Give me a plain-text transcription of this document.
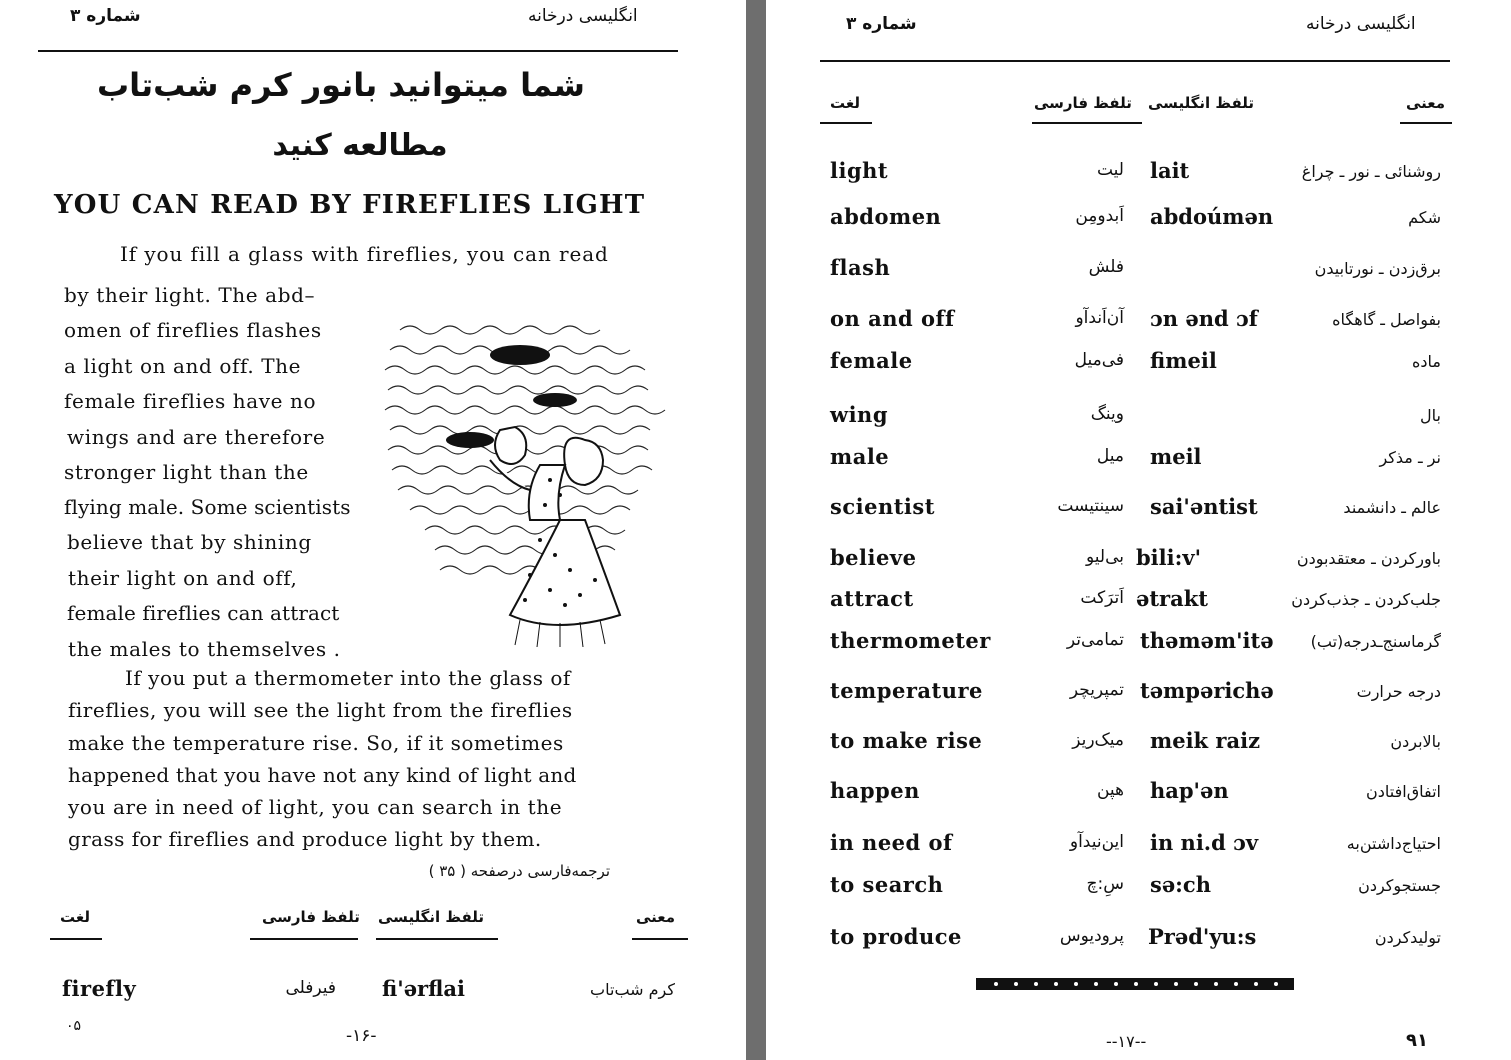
شماره ۳	انگلیسی درخانه
شما میتوانید بانور کرم شب‌تاب
مطالعه کنید
YOU CAN READ BY FIREFLIES LIGHT
If you fill a glass with fireflies, you can read
by their light. The abd–
omen of fireflies flashes
a light on and off. The
female fireflies have no
wings and are therefore
stronger light than the
flying male. Some scientists
believe that by shining
their light on and off,
female fireflies can attract
the males to themselves .
If you put a thermometer into the glass of
fireflies, you will see the light from the fireflies
make the temperature rise. So, if it sometimes
happened that you have not any kind of light and
you are in need of light, you can search in the
grass for fireflies and produce light by them.
ترجمه‌فارسی درصفحه ( ۳۵ )
لغت	تلفظ فارسی تلفظ انگلیسی	معنی
firefly	فیرفلی fi'ərflai	کرم شب‌تاب
۰۵	-۱۶-
شماره ۳	انگلیسی درخانه
لغت	تلفظ فارسی تلفظ انگلیسی	معنی
light	لیت lait	روشنائی ـ نور ـ چراغ
abdomen	اَبدومِن abdoúmən	شکم
flash	فلش	برق‌زدن ـ نورتابیدن
on and off	آن‌اَندآو ɔn ənd ɔf	بفواصل ـ گاهگاه
female	فی‌میل fimeil	ماده
wing	وینگ	بال
male	میل meil	نر ـ مذکر
scientist	سینتیست sai'əntist	عالم ـ دانشمند
believe	بی‌لیو bili:v'	باورکردن ـ معتقدبودن
attract	اَترَکت ətrakt	جلب‌کردن ـ جذب‌کردن
thermometer	تمامی‌تر thəməm'itə	گرماسنج‌ـدرجه(تب)
temperature	تمپریچر təmpərichə	درجه حرارت
to make rise	میک‌ریز meik raiz	بالابردن
happen	هپن hap'ən	اتفاق‌افتادن
in need of	این‌نیدآو in ni.d ɔv	احتیاج‌داشتن‌به
to search	سِ:چ sə:ch	جستجوکردن
to produce	پرودیوس Prəd'yu:s	تولیدکردن
--۱۷--	۹۱
